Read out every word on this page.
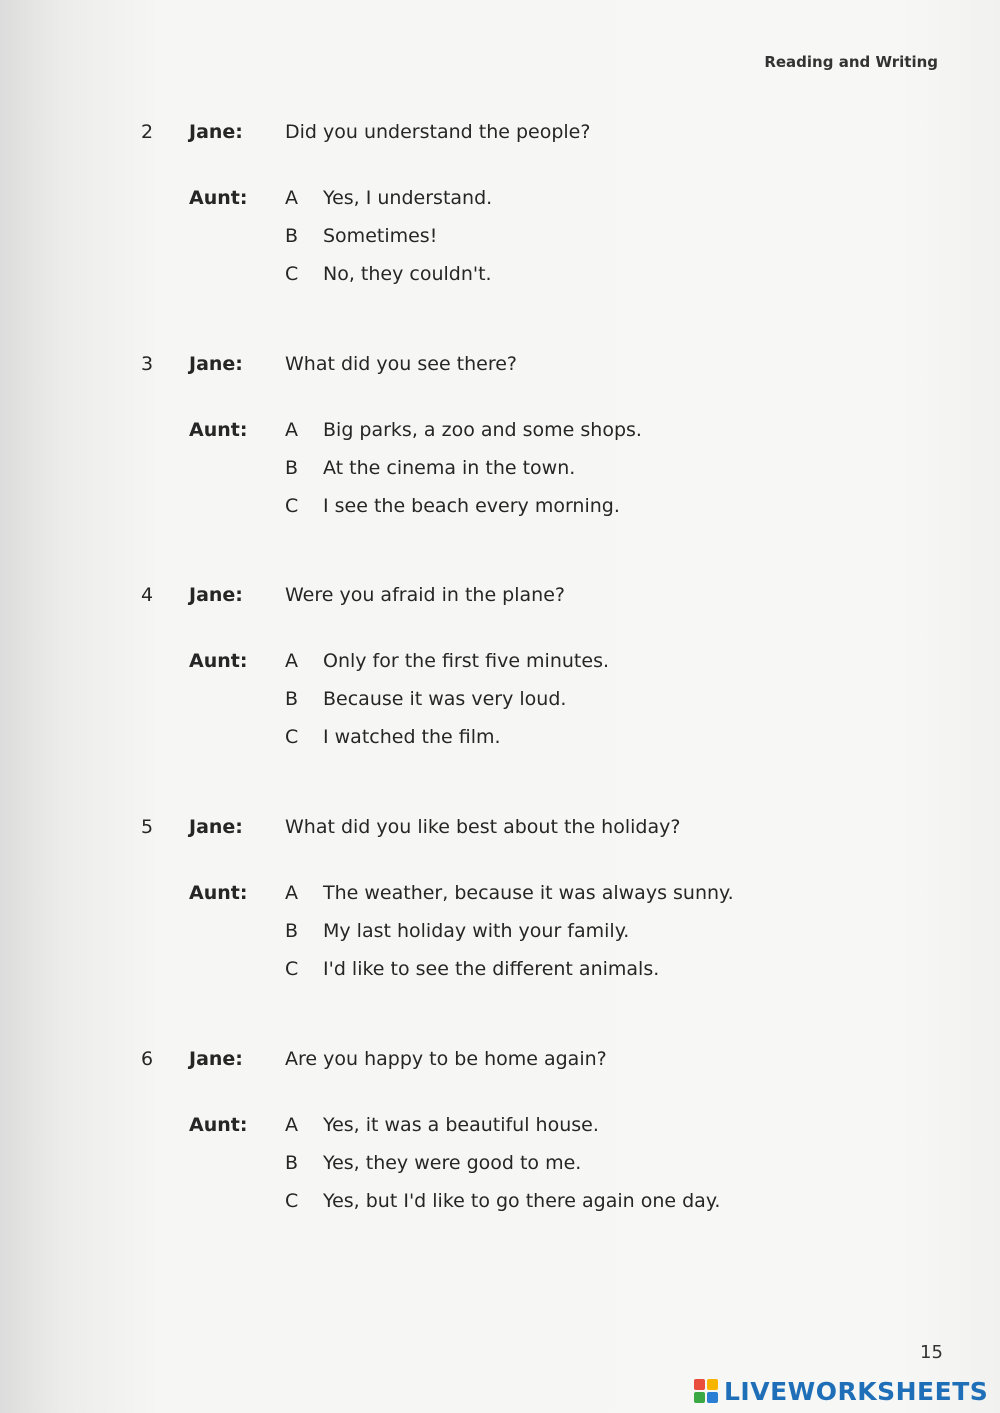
Reading and Writing
2 Jane: Did you understand the people?
Aunt: A Yes, I understand.
B Sometimes!
C No, they couldn't.
3 Jane: What did you see there?
Aunt: A Big parks, a zoo and some shops.
B At the cinema in the town.
C I see the beach every morning.
4 Jane: Were you afraid in the plane?
Aunt: A Only for the first five minutes.
B Because it was very loud.
C I watched the film.
5 Jane: What did you like best about the holiday?
Aunt: A The weather, because it was always sunny.
B My last holiday with your family.
C I'd like to see the different animals.
6 Jane: Are you happy to be home again?
Aunt: A Yes, it was a beautiful house.
B Yes, they were good to me.
C Yes, but I'd like to go there again one day.
15
LIVEWORKSHEETS
